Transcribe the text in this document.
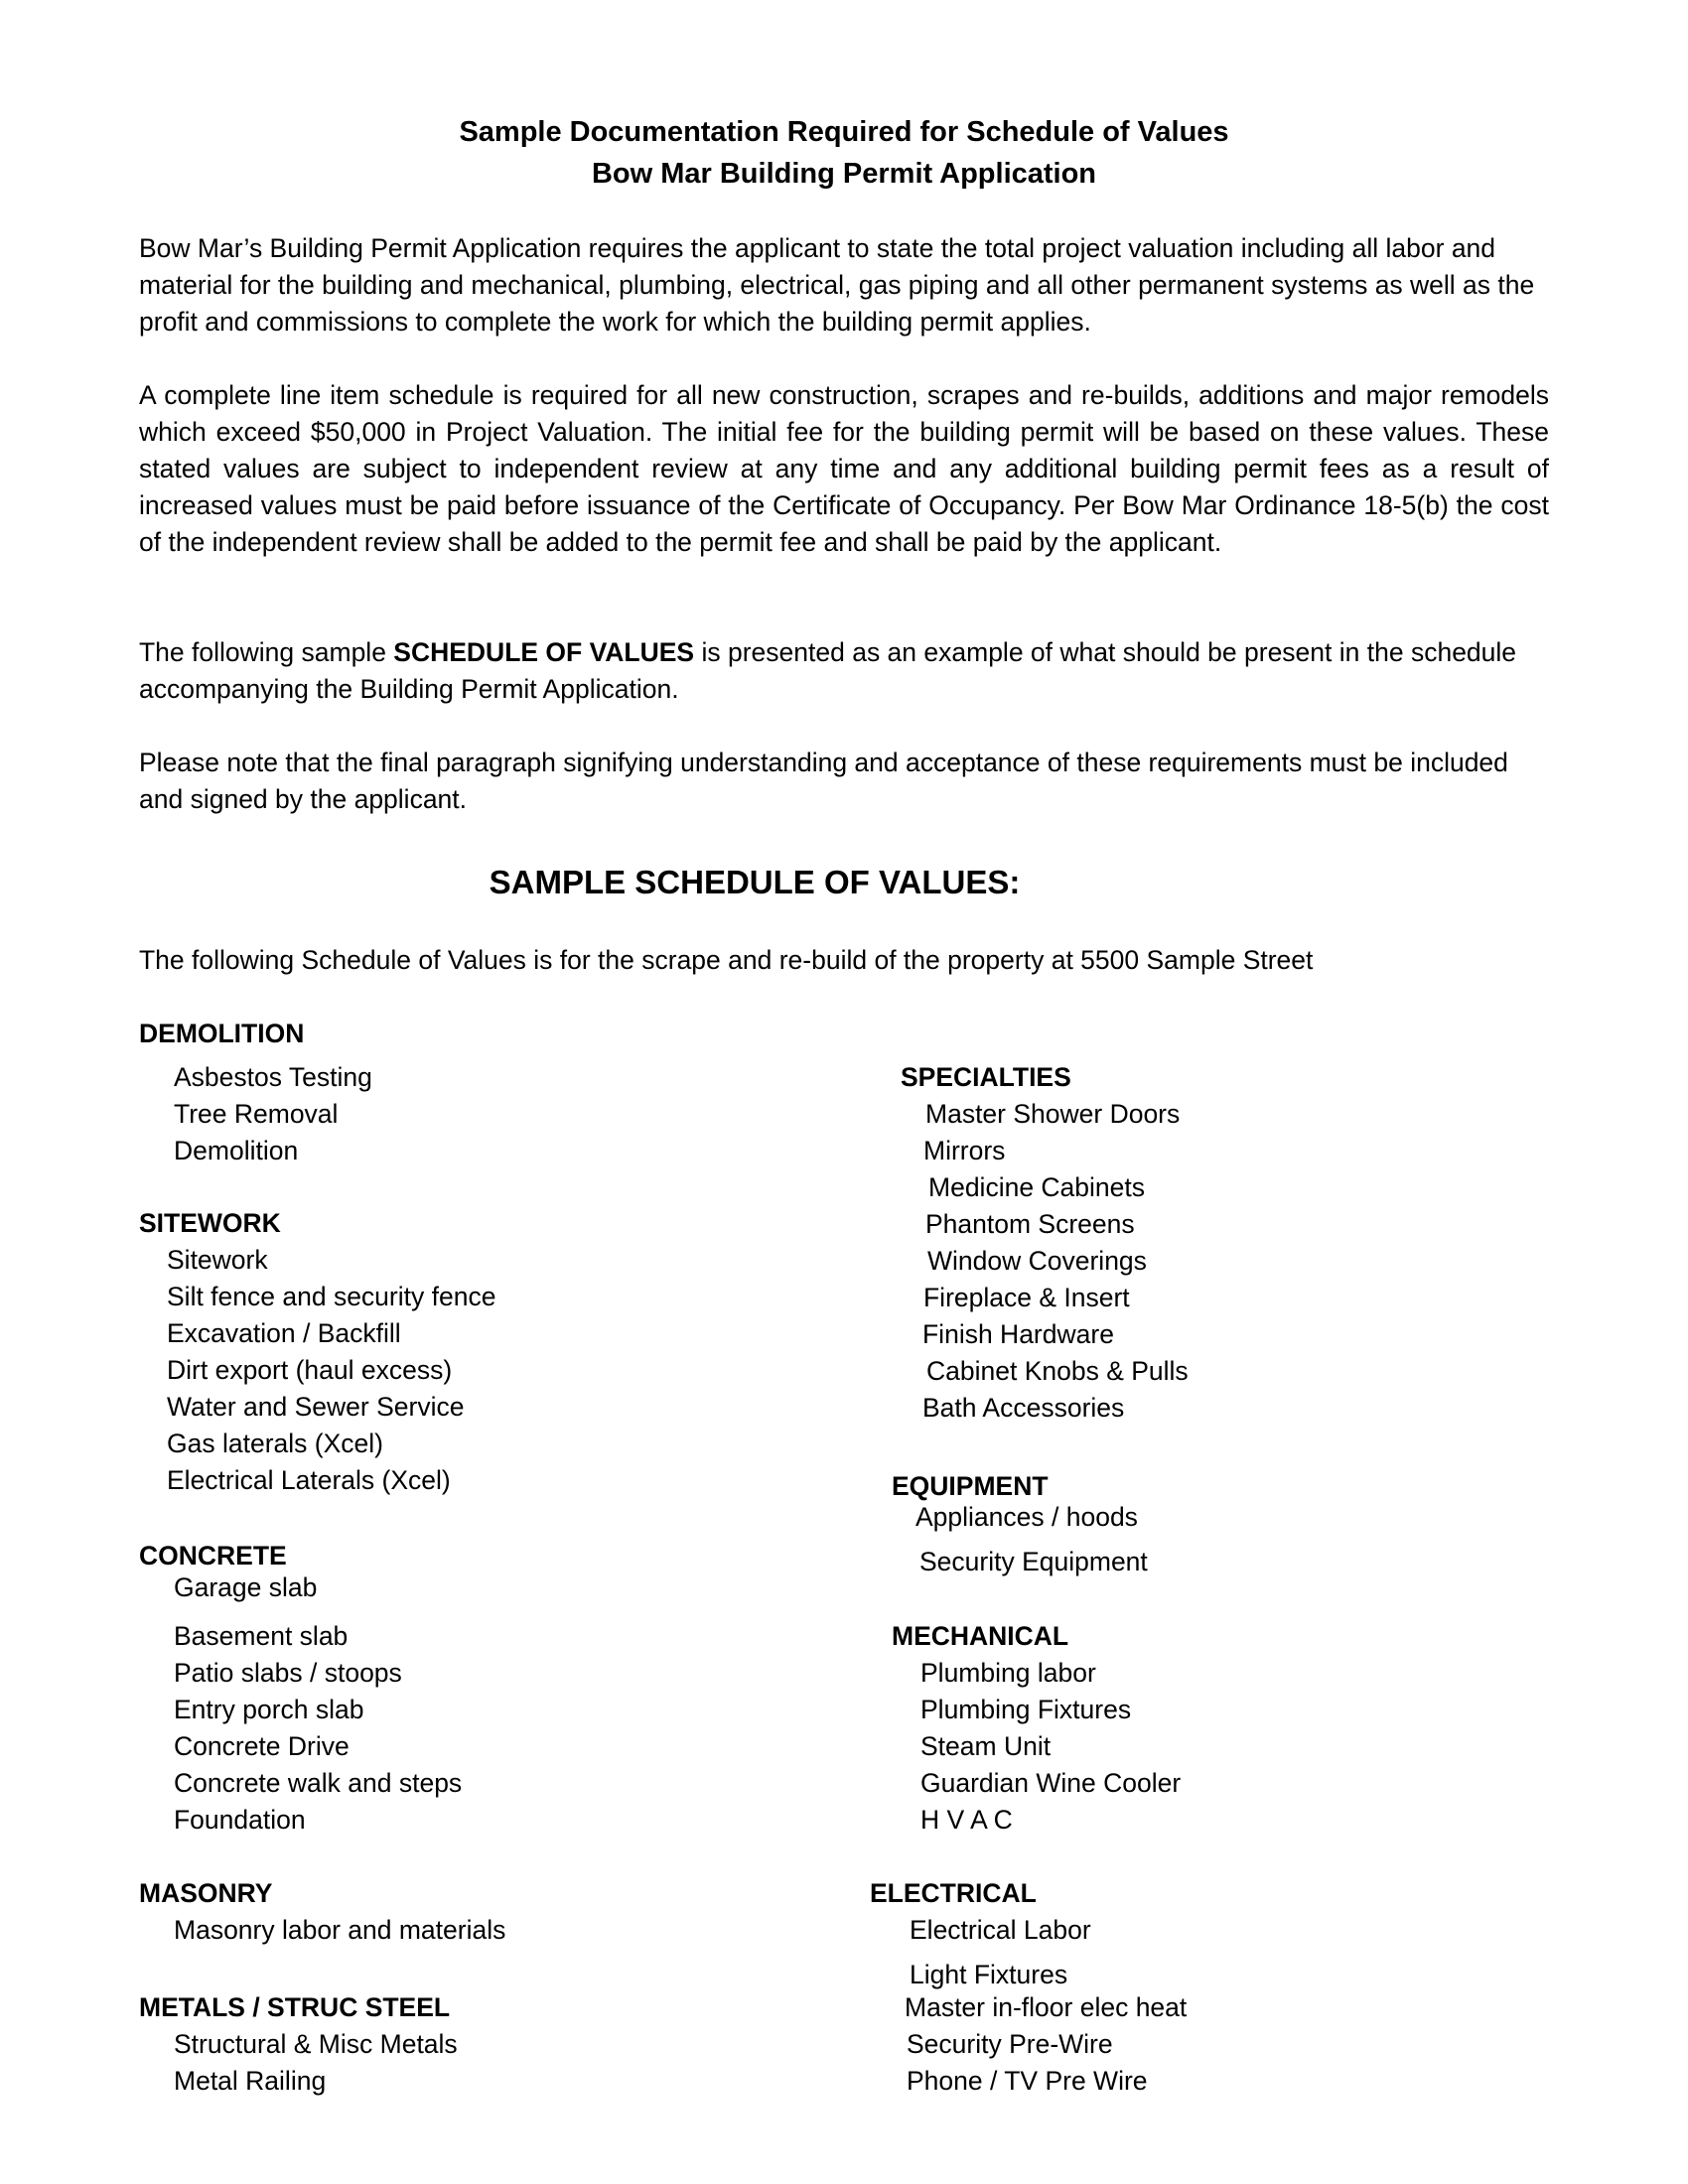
Sample Documentation Required for Schedule of Values
Bow Mar Building Permit Application

Bow Mar’s Building Permit Application requires the applicant to state the total project valuation including all labor and material for the building and mechanical, plumbing, electrical, gas piping and all other permanent systems as well as the profit and commissions to complete the work for which the building permit applies.

A complete line item schedule is required for all new construction, scrapes and re-builds, additions and major remodels which exceed $50,000 in Project Valuation. The initial fee for the building permit will be based on these values. These stated values are subject to independent review at any time and any additional building permit fees as a result of increased values must be paid before issuance of the Certificate of Occupancy. Per Bow Mar Ordinance 18-5(b) the cost of the independent review shall be added to the permit fee and shall be paid by the applicant.

The following sample SCHEDULE OF VALUES is presented as an example of what should be present in the schedule accompanying the Building Permit Application.

Please note that the final paragraph signifying understanding and acceptance of these requirements must be included and signed by the applicant.

SAMPLE SCHEDULE OF VALUES:
The following Schedule of Values is for the scrape and re-build of the property at 5500 Sample Street
DEMOLITION
Asbestos Testing
Tree Removal
Demolition
SITEWORK
Sitework
Silt fence and security fence
Excavation / Backfill
Dirt export (haul excess)
Water and Sewer Service
Gas laterals (Xcel)
Electrical Laterals (Xcel)
CONCRETE
Garage slab
Basement slab
Patio slabs / stoops
Entry porch slab
Concrete Drive
Concrete walk and steps
Foundation
MASONRY
Masonry labor and materials
METALS / STRUC STEEL
Structural & Misc Metals
Metal Railing
SPECIALTIES
Master Shower Doors
Mirrors
Medicine Cabinets
Phantom Screens
Window Coverings
Fireplace & Insert
Finish Hardware
Cabinet Knobs & Pulls
Bath Accessories
EQUIPMENT
Appliances / hoods
Security Equipment
MECHANICAL
Plumbing labor
Plumbing Fixtures
Steam Unit
Guardian Wine Cooler
H V A C
ELECTRICAL
Electrical Labor
Light Fixtures
Master in-floor elec heat
Security Pre-Wire
Phone / TV Pre Wire
